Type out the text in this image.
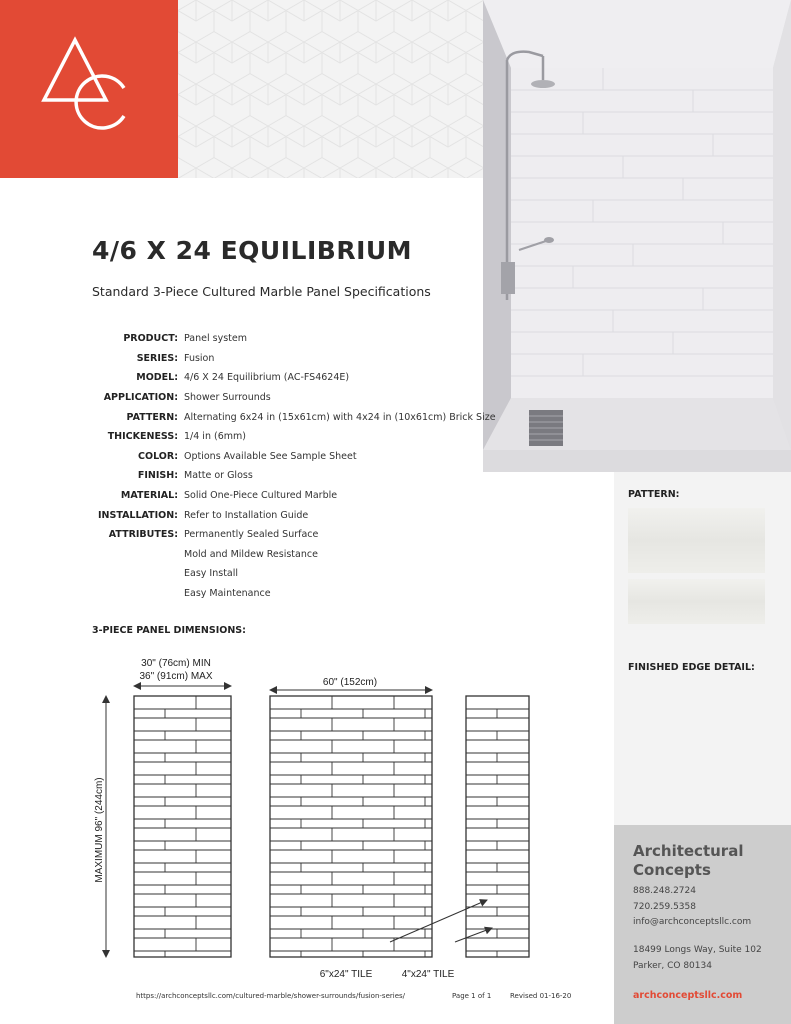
4/6 X 24 EQUILIBRIUM

Standard 3-Piece Cultured Marble Panel Specifications

PRODUCT: Panel system
SERIES: Fusion
MODEL: 4/6 X 24 Equilibrium (AC-FS4624E)
APPLICATION: Shower Surrounds
PATTERN: Alternating 6x24 in (15x61cm) with 4x24 in (10x61cm) Brick Size
THICKENESS: 1/4 in (6mm)
COLOR: Options Available See Sample Sheet
FINISH: Matte or Gloss
MATERIAL: Solid One-Piece Cultured Marble
INSTALLATION: Refer to Installation Guide
ATTRIBUTES: Permanently Sealed Surface
Mold and Mildew Resistance
Easy Install
Easy Maintenance

3-PIECE PANEL DIMENSIONS:

30" (76cm) MIN
36" (91cm) MAX
60" (152cm)
MAXIMUM 96" (244cm)
6"x24" TILE	4"x24" TILE
PATTERN:
FINISHED EDGE DETAIL:
Architectural Concepts
888.248.2724
720.259.5358
info@archconceptsllc.com
18499 Longs Way, Suite 102
Parker, CO 80134
archconceptsllc.com
https://archconceptsllc.com/cultured-marble/shower-surrounds/fusion-series/	Page 1 of 1	Revised 01-16-20
